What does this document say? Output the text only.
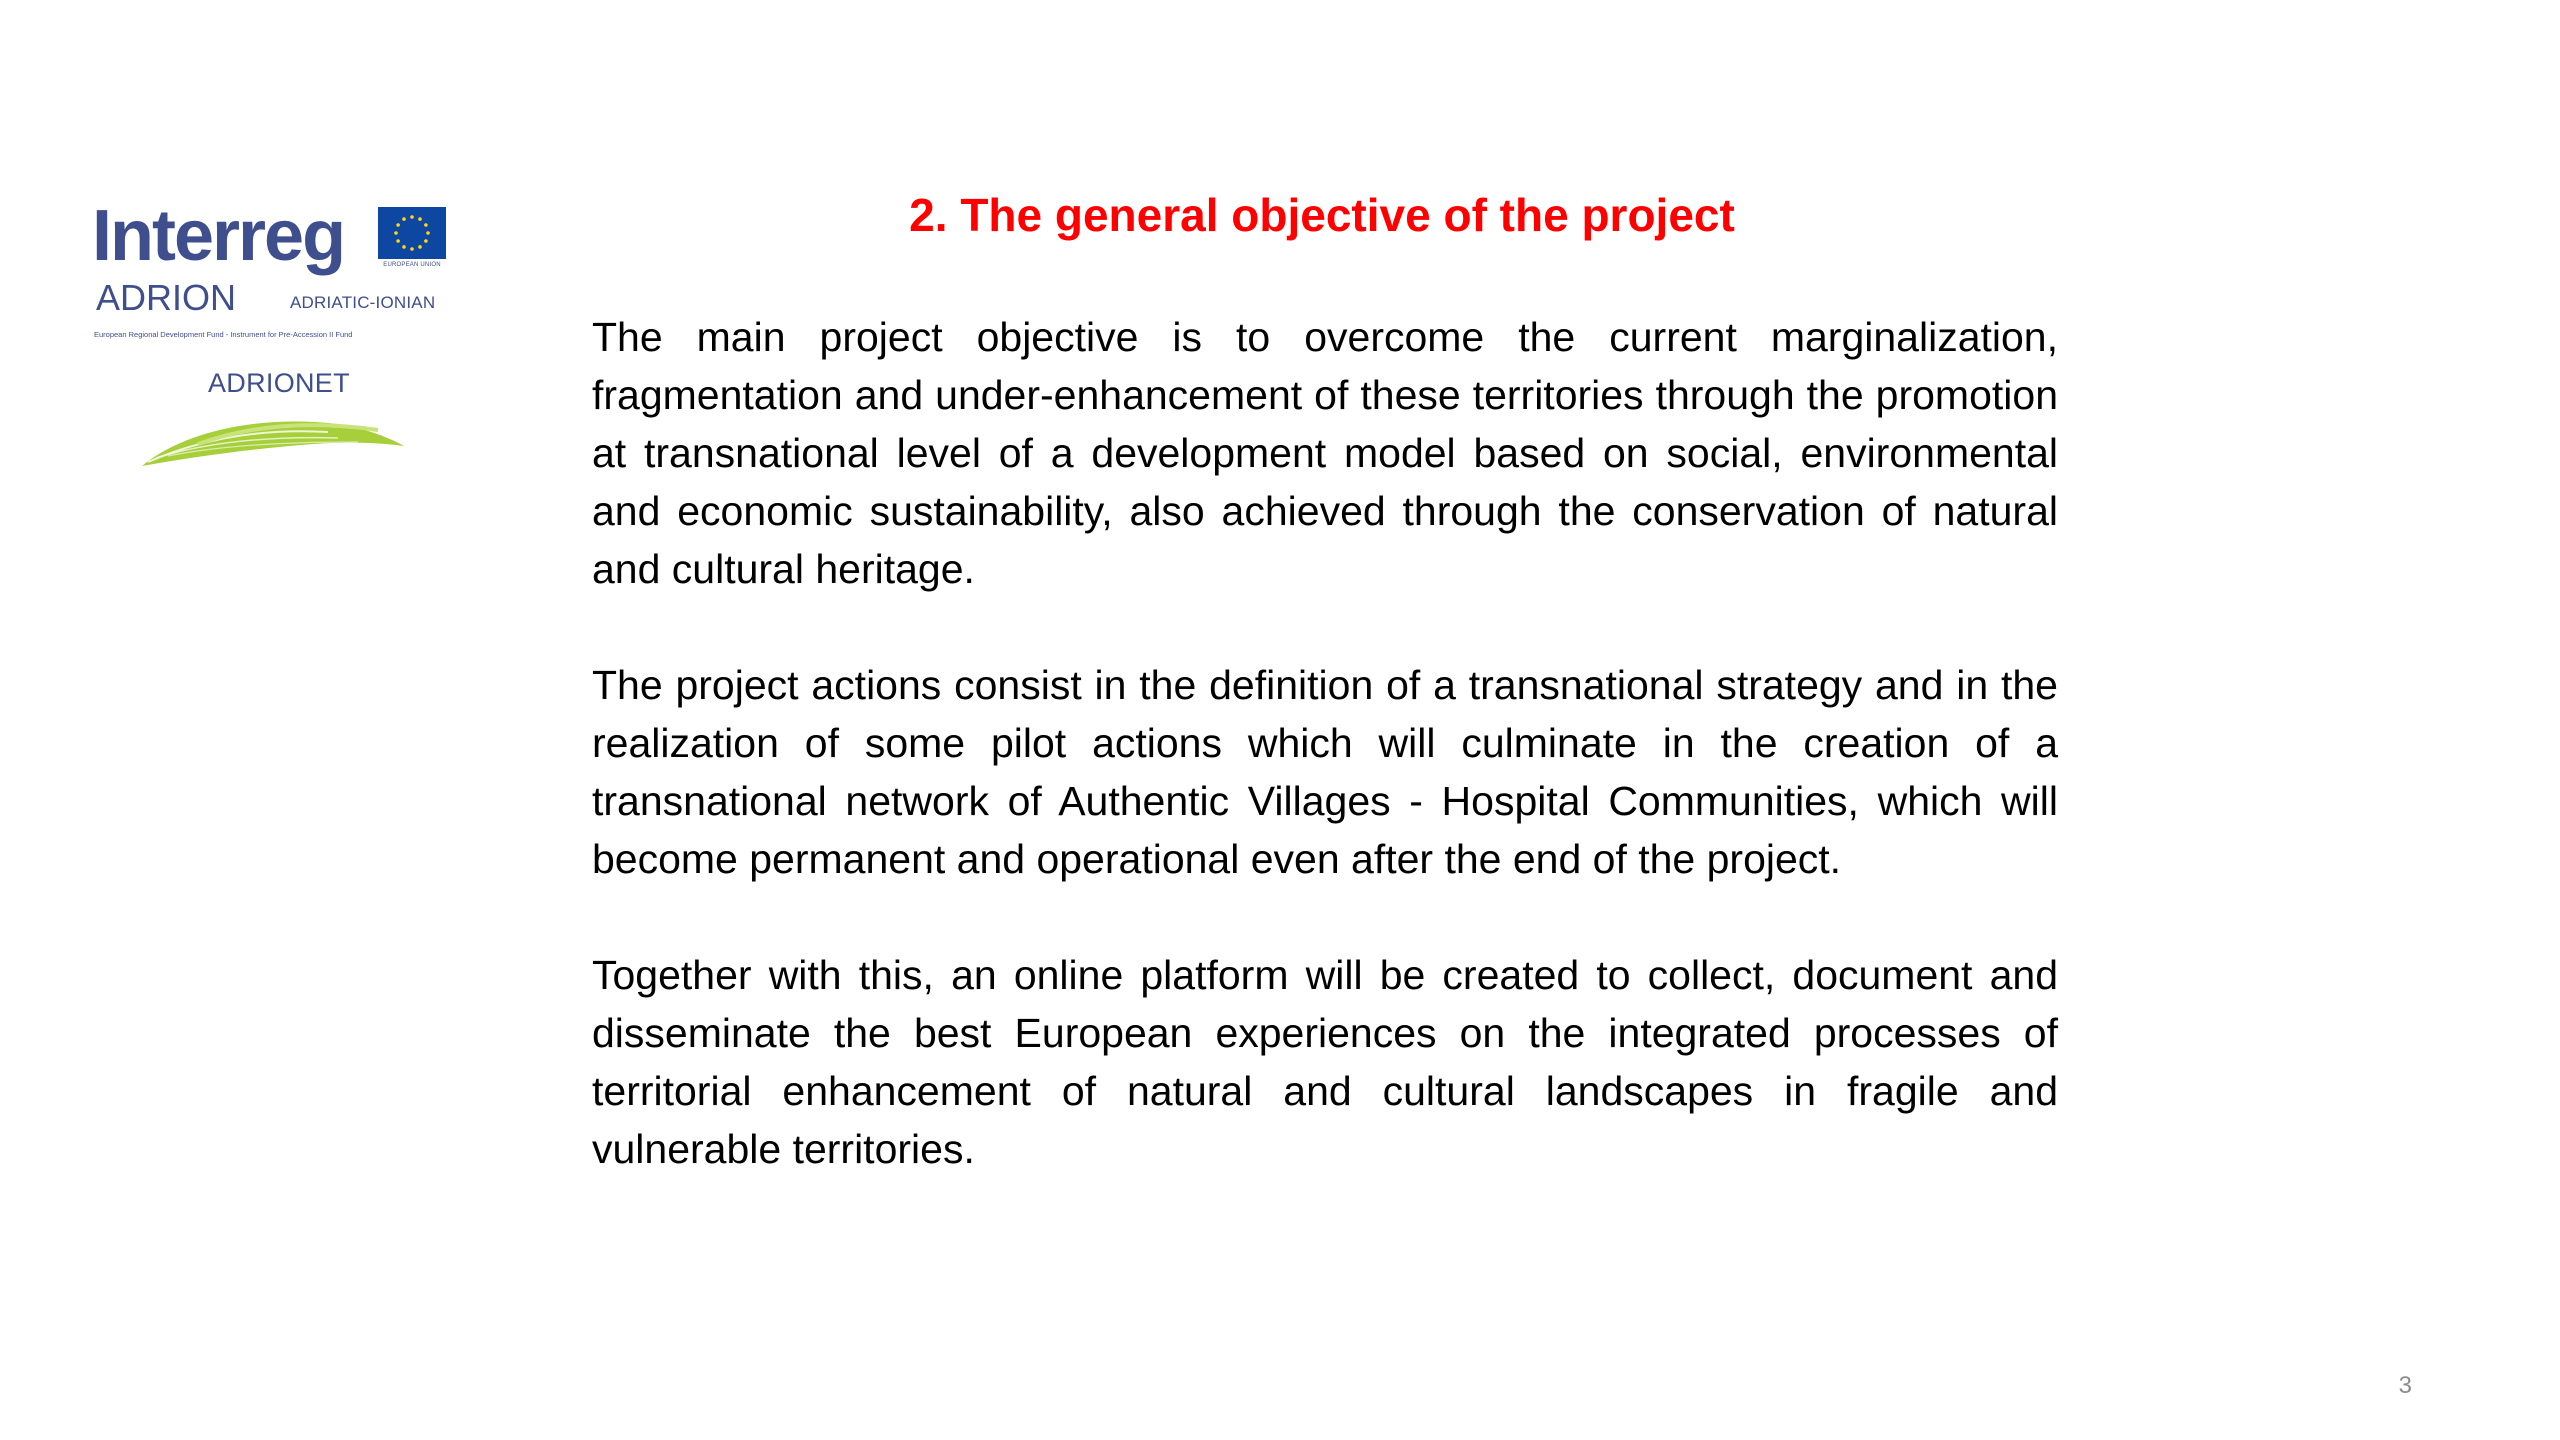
Interreg	EUROPEAN UNION
ADRION	ADRIATIC-IONIAN
European Regional Development Fund - Instrument for Pre-Accession II Fund
ADRIONET
2. The general objective of the project

The main project objective is to overcome the current marginalization, fragmentation and under-enhancement of these territories through the promotion at transnational level of a development model based on social, environmental and economic sustainability, also achieved through the conservation of natural and cultural heritage.

The project actions consist in the definition of a transnational strategy and in the realization of some pilot actions which will culminate in the creation of a transnational network of Authentic Villages - Hospital Communities, which will become permanent and operational even after the end of the project.

Together with this, an online platform will be created to collect, document and disseminate the best European experiences on the integrated processes of territorial enhancement of natural and cultural landscapes in fragile and vulnerable territories.

3
